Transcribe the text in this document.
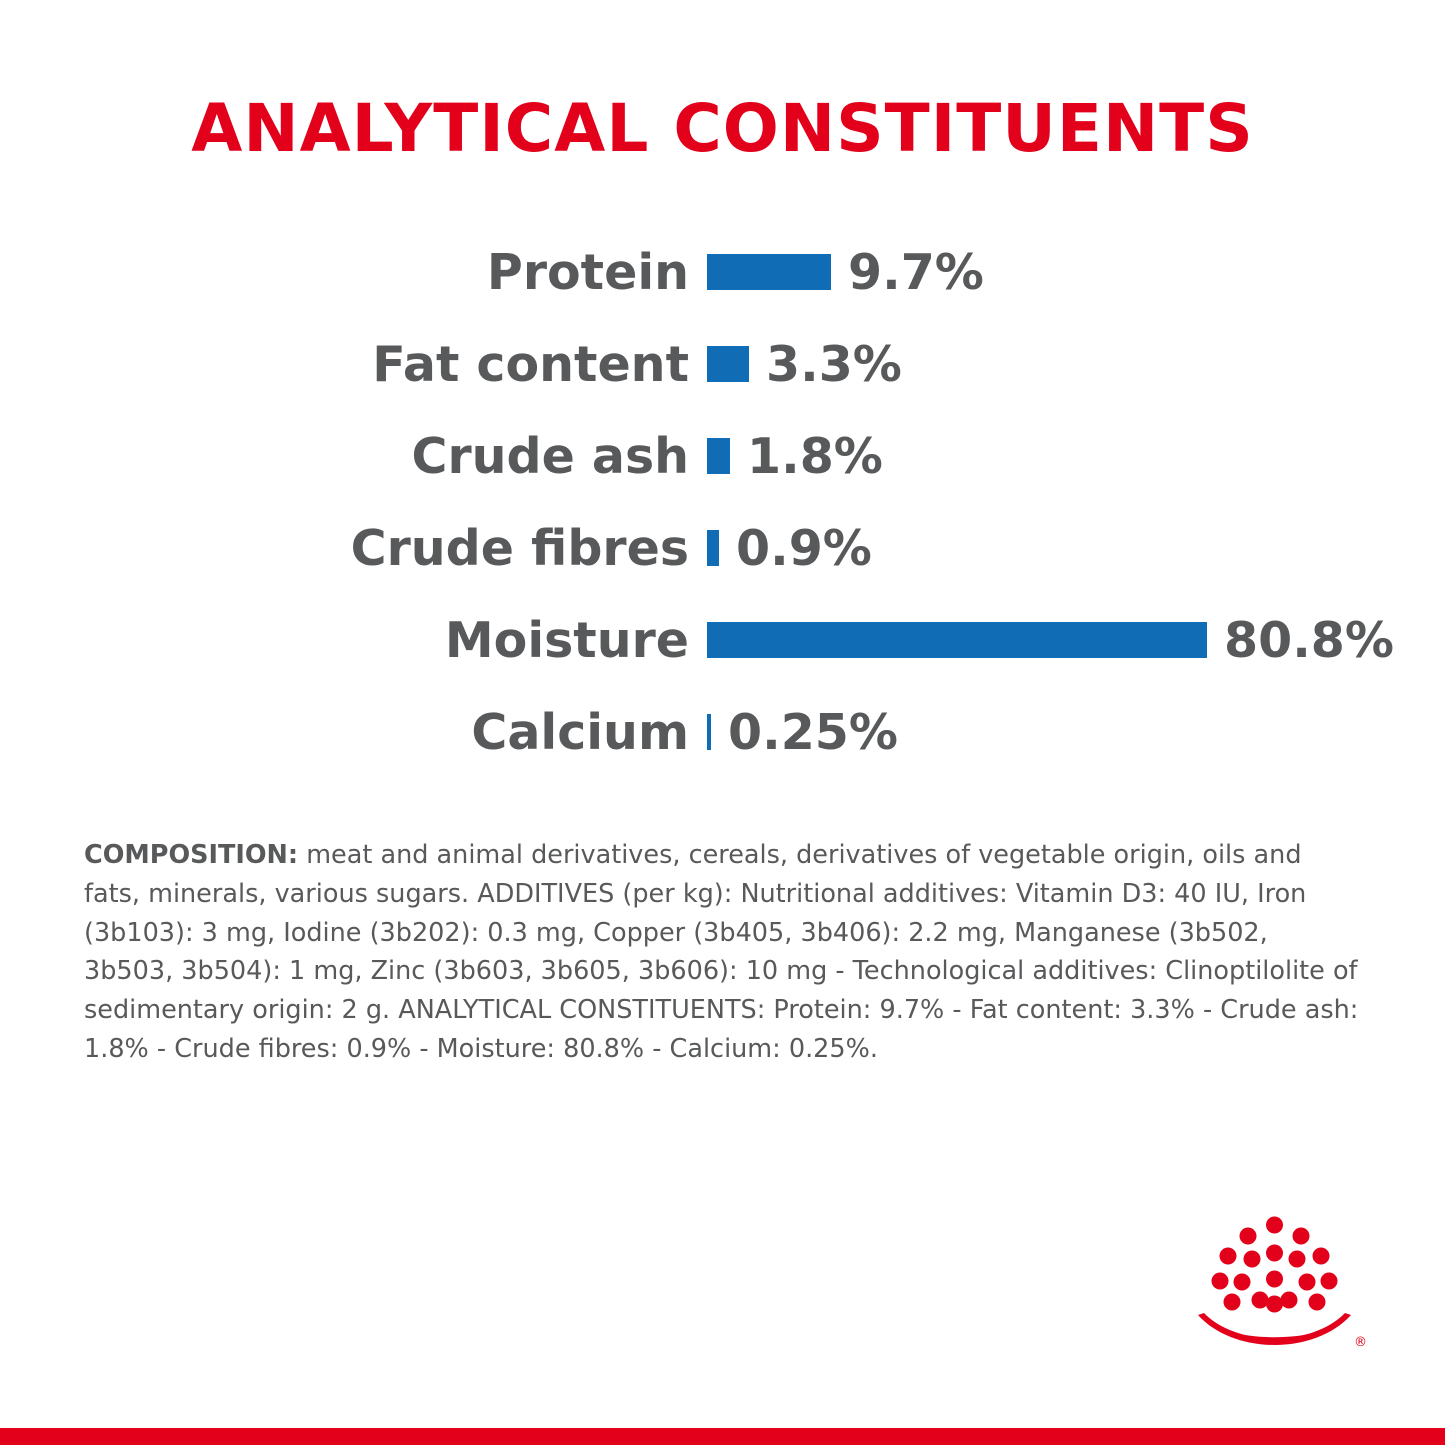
ANALYTICAL CONSTITUENTS
Protein	9.7%
Fat content	3.3%
Crude ash	1.8%
Crude fibres 0.9%
Moisture	80.8%
Calcium 0.25%
COMPOSITION: meat and animal derivatives, cereals, derivatives of vegetable origin, oils and fats, minerals, various sugars. ADDITIVES (per kg): Nutritional additives: Vitamin D3: 40 IU, Iron (3b103): 3 mg, Iodine (3b202): 0.3 mg, Copper (3b405, 3b406): 2.2 mg, Manganese (3b502, 3b503, 3b504): 1 mg, Zinc (3b603, 3b605, 3b606): 10 mg - Technological additives: Clinoptilolite of sedimentary origin: 2 g. ANALYTICAL CONSTITUENTS: Protein: 9.7% - Fat content: 3.3% - Crude ash: 1.8% - Crude fibres: 0.9% - Moisture: 80.8% - Calcium: 0.25%.
®
